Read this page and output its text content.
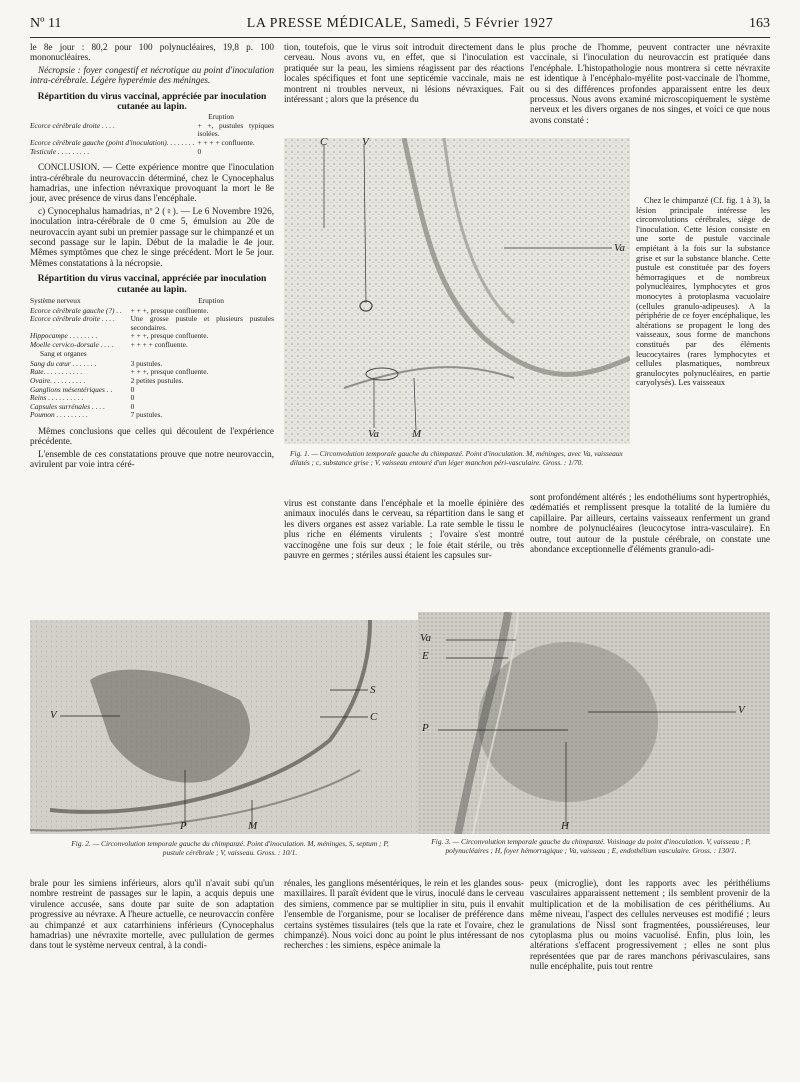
Nº 11	LA PRESSE MÉDICALE, Samedi, 5 Février 1927	163

le 8e jour : 80,2 pour 100 polynucléaires, 19,8 p. 100 mononucléaires.

Nécropsie : foyer congestif et nécrotique au point d'inoculation intra-cérébrale. Légère hyperémie des méninges.

Répartition du virus vaccinal, appréciée par inoculation cutanée au lapin.
Eruption
Ecorce cérébrale droite . . . .	+ +, pustules typiques isolées.
Ecorce cérébrale gauche (point d'inoculation). . . . . . . .	+ + + + confluente.
Testicule . . . . . . . . .	0

CONCLUSION. — Cette expérience montre que l'inoculation intra-cérébrale du neurovaccin déterminé, chez le Cynocephalus hamadrias, une infection névraxique provoquant la mort le 8e jour, avec présence de virus dans l'encéphale.

c) Cynocephalus hamadrias, nº 2 (♀). — Le 6 Novembre 1926, inoculation intra-cérébrale de 0 cme 5, émulsion au 20e de neurovaccin ayant subi un premier passage sur le chimpanzé et un second passage sur le lapin. Début de la maladie le 4e jour. Mêmes symptômes que chez le singe précédent. Mort le 5e jour. Mêmes constatations à la nécropsie.

Répartition du virus vaccinal, appréciée par inoculation cutanée au lapin.
Système nerveux	Eruption
Ecorce cérébrale gauche (?) . .	+ + +, presque confluente.
Ecorce cérébrale droite . . . .	Une grosse pustule et plusieurs pustules secondaires.
Hippocampe . . . . . . . .	+ + +, presque confluente.
Moelle cervico-dorsale . . . .	+ + + + confluente.
Sang et organes
Sang du cœur . . . . . . .	3 pustules.
Rate. . . . . . . . . . .	+ + +, presque confluente.
Ovaire. . . . . . . . . .	2 petites pustules.
Ganglions mésentériques . .	0
Reins . . . . . . . . . .	0
Capsules surrénales . . . .	0
Poumon . . . . . . . . .	7 pustules.

Mêmes conclusions que celles qui découlent de l'expérience précédente.

L'ensemble de ces constatations prouve que notre neurovaccin, avirulent par voie intra céré-

tion, toutefois, que le virus soit introduit directement dans le cerveau. Nous avons vu, en effet, que si l'inoculation est pratiquée sur la peau, les simiens réagissent par des réactions locales spécifiques et font une septicémie vaccinale, mais ne montrent ni troubles nerveux, ni lésions névraxiques. Fait intéressant ; alors que la présence du

C	V
Va
Va	M
Fig. 1. — Circonvolution temporale gauche du chimpanzé. Point d'inoculation. M, méninges, avec Va, vaisseaux dilatés ; c, substance grise ; V, vaisseau entouré d'un léger manchon péri-vasculaire. Gross. : 1/70.

virus est constante dans l'encéphale et la moelle épinière des animaux inoculés dans le cerveau, sa répartition dans le sang et les divers organes est assez variable. La rate semble le tissu le plus riche en éléments virulents ; l'ovaire s'est montré vaccinogène une fois sur deux ; le foie était stérile, ou très pauvre en germes ; stériles aussi étaient les capsules sur-

plus proche de l'homme, peuvent contracter une névraxite vaccinale, si l'inoculation du neurovaccin est pratiquée dans l'encéphale. L'histopathologie nous montrera si cette névraxite est identique à l'encéphalo-myélite post-vaccinale de l'homme, ou si des différences profondes apparaissent entre les deux processus. Nous avons examiné microscopiquement le système nerveux et les divers organes de nos singes, et voici ce que nous avons constaté :

Chez le chimpanzé (Cf. fig. 1 à 3), la lésion principale intéresse les circonvolutions cérébrales, siège de l'inoculation. Cette lésion consiste en une sorte de pustule vaccinale empiétant à la fois sur la substance grise et sur la substance blanche. Cette pustule est constituée par des foyers hémorragiques et de nombreux polynucléaires, lymphocytes et gros monocytes à protoplasma vacuolaire (cellules granulo-adipeuses). A la périphérie de ce foyer encéphalique, les altérations se propagent le long des vaisseaux, sous forme de manchons constitués par des éléments leucocytaires (rares lymphocytes et cellules plasmatiques, nombreux granulocytes polynucléaires, en partie caryolysés). Les vaisseaux

sont profondément altérés ; les endothéliums sont hypertrophiés, œdématiés et remplissent presque la totalité de la lumière du capillaire. Par ailleurs, certains vaisseaux renferment un grand nombre de polynucléaires (leucocytose intra-vasculaire). En outre, tout autour de la pustule cérébrale, on constate une abondance exceptionnelle d'éléments granulo-adi-

V
S
C
P	M
Fig. 2. — Circonvolution temporale gauche du chimpanzé. Point d'inoculation. M, méninges, S, septum ; P, pustule cérébrale ; V, vaisseau. Gross. : 10/1.
Va
E
P
V
H
Fig. 3. — Circonvolution temporale gauche du chimpanzé. Voisinage du point d'inoculation. V, vaisseau ; P, polynucléaires ; H, foyer hémorragique ; Va, vaisseau ; E, endothélium vasculaire. Gross. : 130/1.

brale pour les simiens inférieurs, alors qu'il n'avait subi qu'un nombre restreint de passages sur le lapin, a acquis depuis une virulence accusée, sans doute par suite de son adaptation progressive au névraxe. A l'heure actuelle, ce neurovaccin confère au chimpanzé et aux catarrhiniens inférieurs (Cynocephalus hamadrias) une névraxite mortelle, avec pullulation de germes dans tout le système nerveux central, à la condi-

rénales, les ganglions mésentériques, le rein et les glandes sous-maxillaires. Il paraît évident que le virus, inoculé dans le cerveau des simiens, commence par se multiplier in situ, puis il envahit l'ensemble de l'organisme, pour se localiser de préférence dans certains systèmes tissulaires (tels que la rate et l'ovaire, chez le chimpanzé). Nous voici donc au point le plus intéressant de nos recherches : les simiens, espèce animale la

peux (microglie), dont les rapports avec les périthéliums vasculaires apparaissent nettement ; ils semblent provenir de la multiplication et de la mobilisation de ces périthéliums. Au même niveau, l'aspect des cellules nerveuses est modifié ; leurs granulations de Nissl sont fragmentées, poussiéreuses, leur cytoplasma plus ou moins vacuolisé. Enfin, plus loin, les altérations s'effacent progressivement ; elles ne sont plus représentées que par de rares manchons périvasculaires, sans nulle encéphalite, puis tout rentre
